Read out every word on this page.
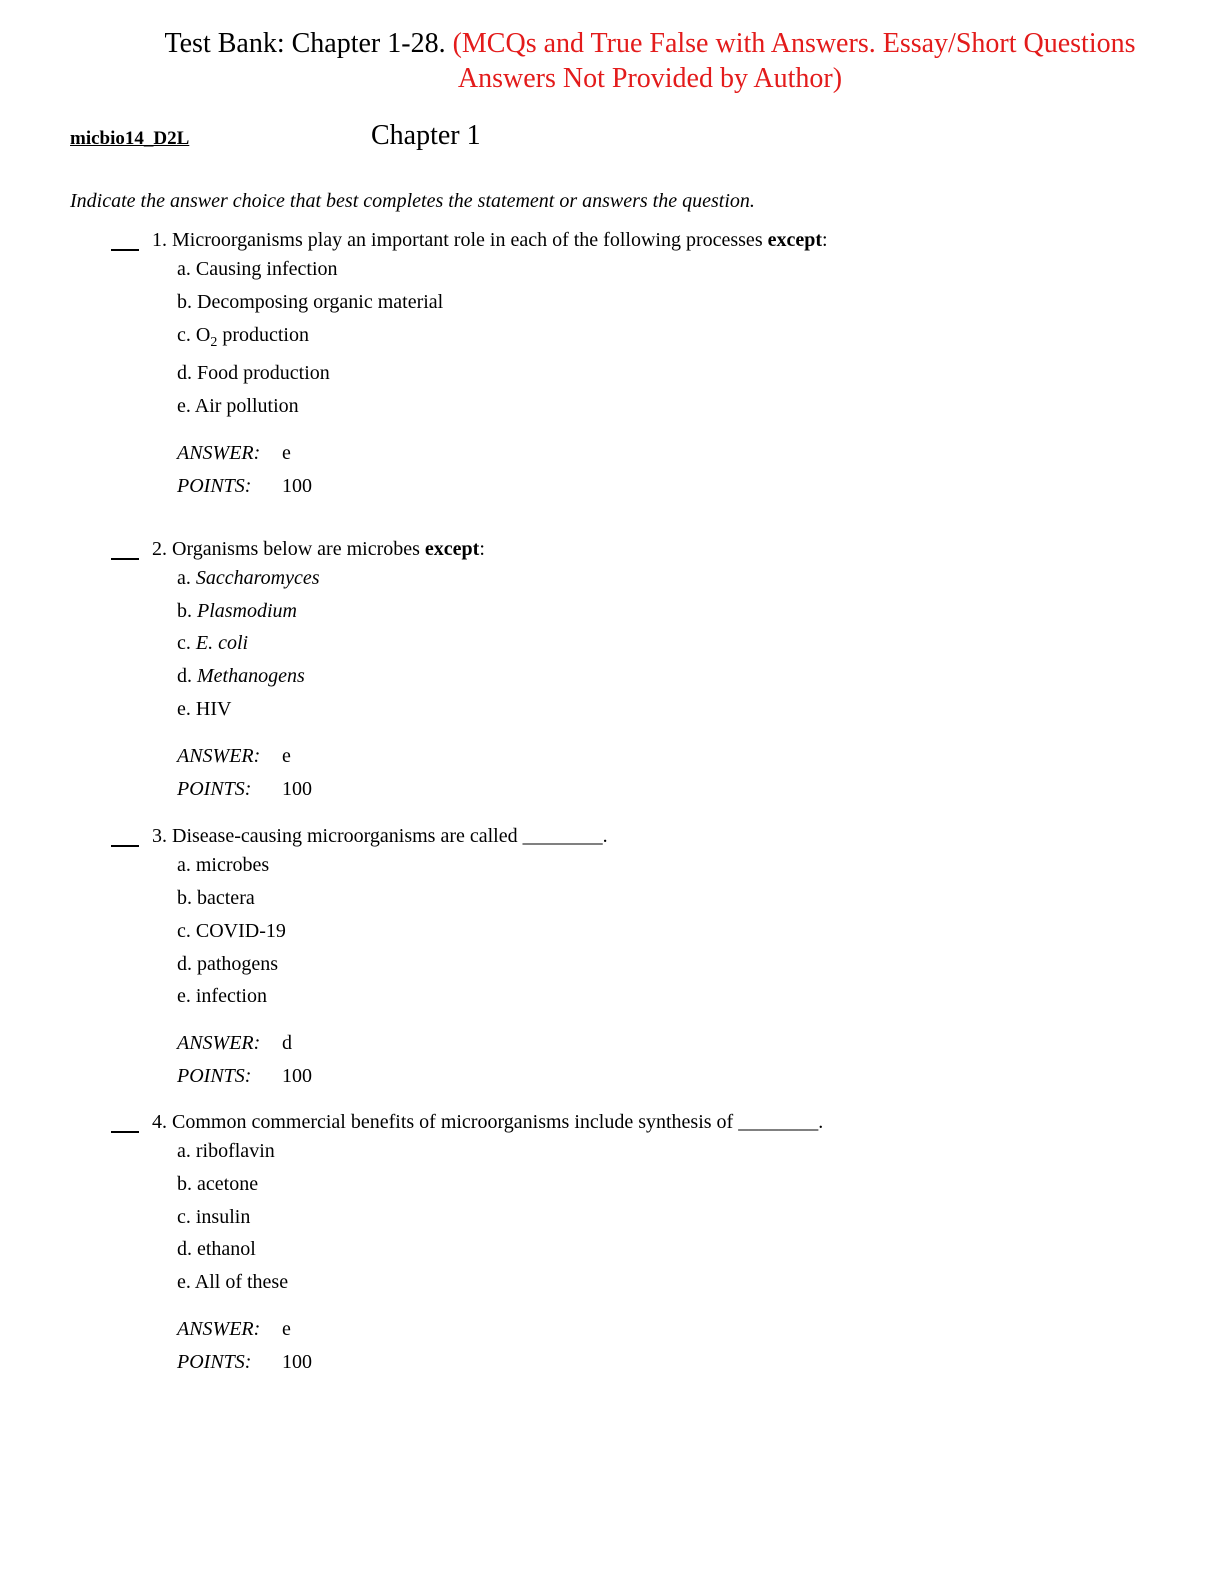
Test Bank: Chapter 1-28. (MCQs and True False with Answers. Essay/Short Questions Answers Not Provided by Author)
micbio14_D2L	Chapter 1
Indicate the answer choice that best completes the statement or answers the question.
1. Microorganisms play an important role in each of the following processes except:
a. Causing infection
b. Decomposing organic material
c. $O_2$ production
d. Food production
e. Air pollution
ANSWER: e
POINTS: 100
2. Organisms below are microbes except:
a. Saccharomyces
b. Plasmodium
c. E. coli
d. Methanogens
e. HIV
ANSWER: e
POINTS: 100
3. Disease-causing microorganisms are called ________.
a. microbes
b. bactera
c. COVID-19
d. pathogens
e. infection
ANSWER: d
POINTS: 100
4. Common commercial benefits of microorganisms include synthesis of ________.
a. riboflavin
b. acetone
c. insulin
d. ethanol
e. All of these
ANSWER: e
POINTS: 100
